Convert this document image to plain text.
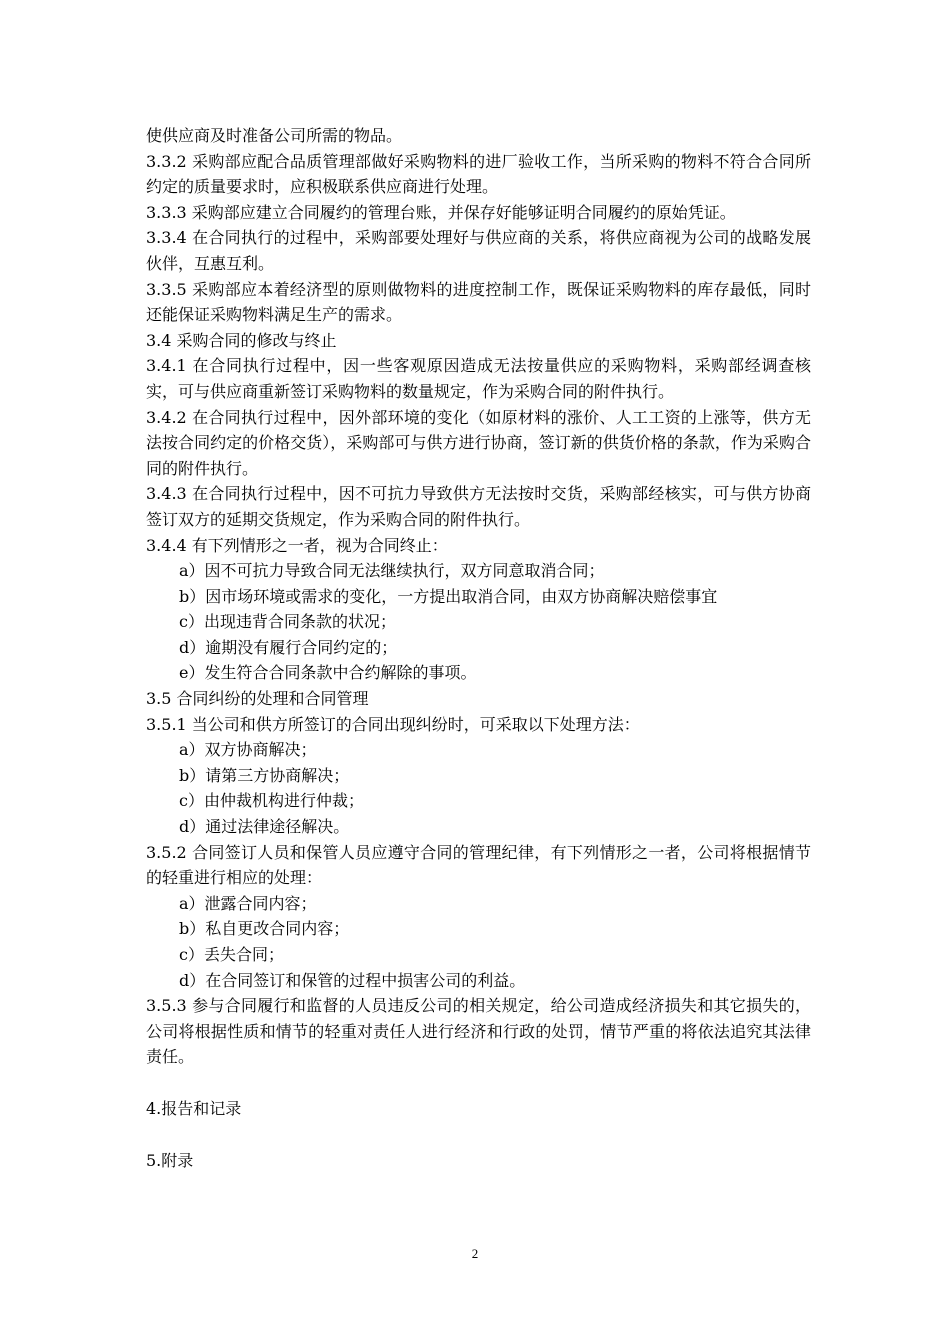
使供应商及时准备公司所需的物品。

3.3.2 采购部应配合品质管理部做好采购物料的进厂验收工作，当所采购的物料不符合合同所约定的质量要求时，应积极联系供应商进行处理。

3.3.3 采购部应建立合同履约的管理台账，并保存好能够证明合同履约的原始凭证。

3.3.4 在合同执行的过程中，采购部要处理好与供应商的关系，将供应商视为公司的战略发展伙伴，互惠互利。

3.3.5 采购部应本着经济型的原则做物料的进度控制工作，既保证采购物料的库存最低，同时还能保证采购物料满足生产的需求。

3.4 采购合同的修改与终止

3.4.1 在合同执行过程中，因一些客观原因造成无法按量供应的采购物料，采购部经调查核实，可与供应商重新签订采购物料的数量规定，作为采购合同的附件执行。

3.4.2 在合同执行过程中，因外部环境的变化（如原材料的涨价、人工工资的上涨等，供方无法按合同约定的价格交货），采购部可与供方进行协商，签订新的供货价格的条款，作为采购合同的附件执行。

3.4.3 在合同执行过程中，因不可抗力导致供方无法按时交货，采购部经核实，可与供方协商签订双方的延期交货规定，作为采购合同的附件执行。

3.4.4 有下列情形之一者，视为合同终止：

a）因不可抗力导致合同无法继续执行，双方同意取消合同；

b）因市场环境或需求的变化，一方提出取消合同，由双方协商解决赔偿事宜

c）出现违背合同条款的状况；

d）逾期没有履行合同约定的；

e）发生符合合同条款中合约解除的事项。

3.5 合同纠纷的处理和合同管理

3.5.1 当公司和供方所签订的合同出现纠纷时，可采取以下处理方法：

a）双方协商解决；

b）请第三方协商解决；

c）由仲裁机构进行仲裁；

d）通过法律途径解决。

3.5.2 合同签订人员和保管人员应遵守合同的管理纪律，有下列情形之一者，公司将根据情节的轻重进行相应的处理：

a）泄露合同内容；

b）私自更改合同内容；

c）丢失合同；

d）在合同签订和保管的过程中损害公司的利益。

3.5.3 参与合同履行和监督的人员违反公司的相关规定，给公司造成经济损失和其它损失的，公司将根据性质和情节的轻重对责任人进行经济和行政的处罚，情节严重的将依法追究其法律责任。

4.报告和记录

5.附录

2
